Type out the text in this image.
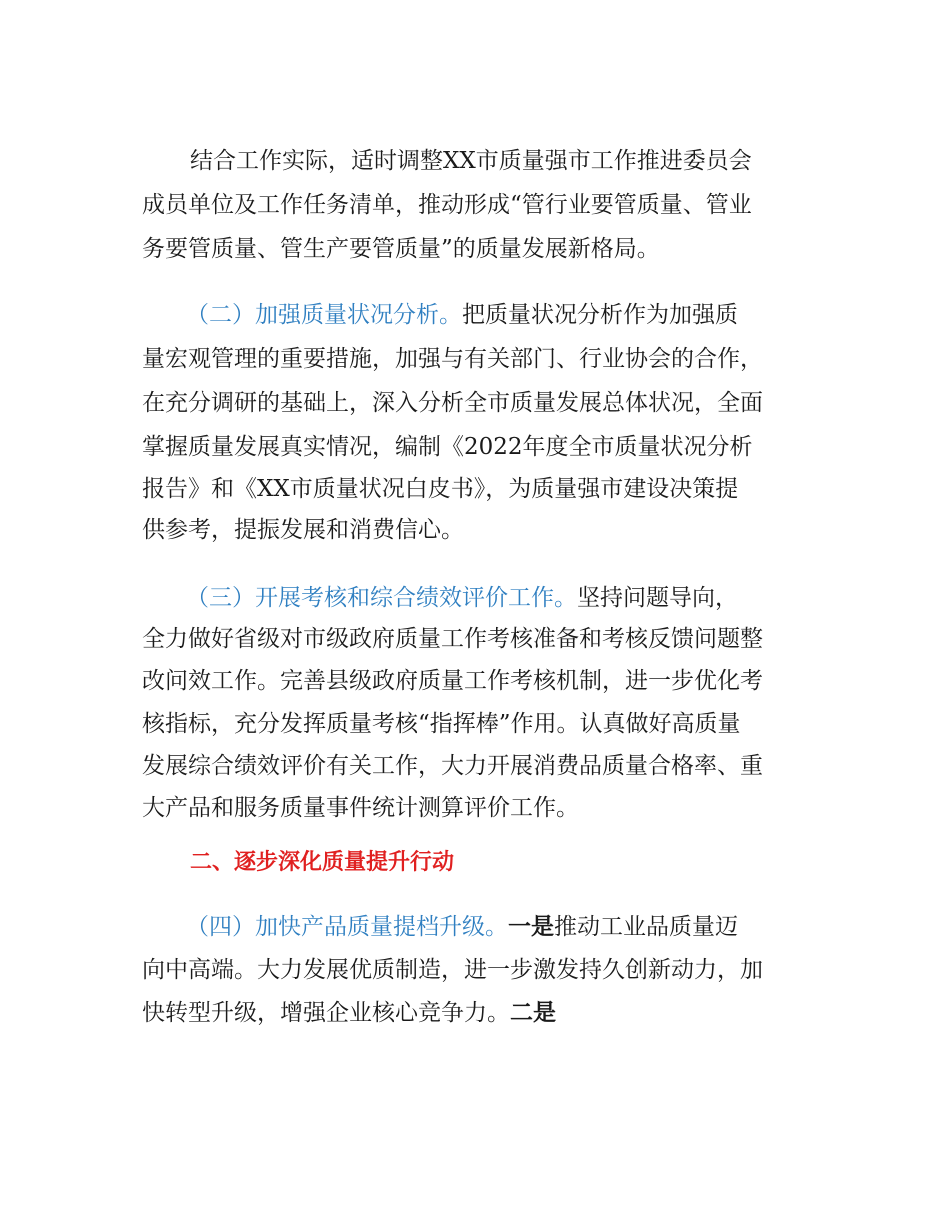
结合工作实际，适时调整XX市质量强市工作推进委员会
成员单位及工作任务清单，推动形成“管行业要管质量、管业
务要管质量、管生产要管质量”的质量发展新格局。
（二）加强质量状况分析。把质量状况分析作为加强质
量宏观管理的重要措施，加强与有关部门、行业协会的合作，
在充分调研的基础上，深入分析全市质量发展总体状况，全面
掌握质量发展真实情况，编制《2022年度全市质量状况分析
报告》和《XX市质量状况白皮书》，为质量强市建设决策提
供参考，提振发展和消费信心。
（三）开展考核和综合绩效评价工作。坚持问题导向，
全力做好省级对市级政府质量工作考核准备和考核反馈问题整
改问效工作。完善县级政府质量工作考核机制，进一步优化考
核指标，充分发挥质量考核“指挥棒”作用。认真做好高质量
发展综合绩效评价有关工作，大力开展消费品质量合格率、重
大产品和服务质量事件统计测算评价工作。
二、逐步深化质量提升行动
（四）加快产品质量提档升级。一是推动工业品质量迈
向中高端。大力发展优质制造，进一步激发持久创新动力，加
快转型升级，增强企业核心竞争力。二是
